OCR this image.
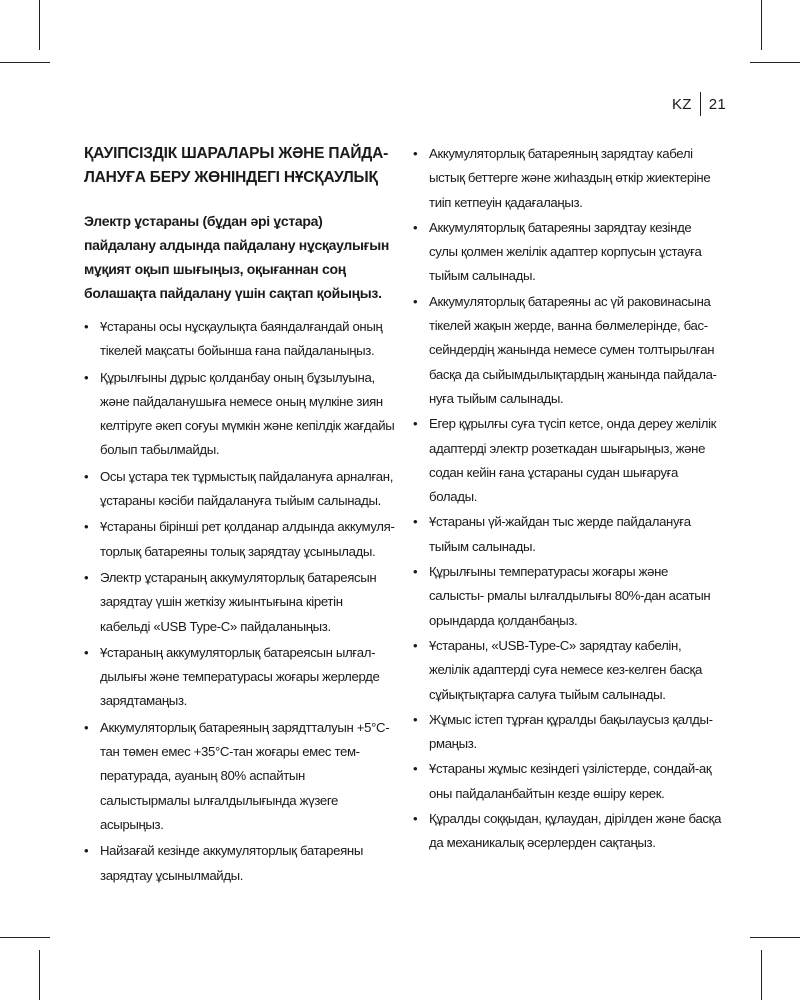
KZ 21
ҚАУІПСІЗДІК ШАРАЛАРЫ ЖӘНЕ ПАЙДА-
ЛАНУҒА БЕРУ ЖӨНІНДЕГІ НҰСҚАУЛЫҚ

Электр ұстараны (бұдан әрі ұстара) пайдалану алдында пайдалану нұсқаулығын мұқият оқып шығыңыз, оқығаннан соң болашақта пайдалану үшін сақтап қойыңыз.

• Ұстараны осы нұсқаулықта баяндалғандай оның тікелей мақсаты бойынша ғана пайдаланыңыз.
• Құрылғыны дұрыс қолданбау оның бұзылуына, және пайдаланушыға немесе оның мүлкіне зиян келтіруге әкеп соғуы мүмкін және кепілдік жағдайы болып табылмайды.
• Осы ұстара тек тұрмыстық пайдалануға арналған, ұстараны кәсіби пайдалануға тыйым салынады.
• Ұстараны бірінші рет қолданар алдында аккумуля- торлық батареяны толық зарядтау ұсынылады.
• Электр ұстараның аккумуляторлық батареясын зарядтау үшін жеткізу жиынтығына кіретін кабельді «USB Type-C» пайдаланыңыз.
• Ұстараның аккумуляторлық батареясын ылғал- дылығы және температурасы жоғары жерлерде зарядтамаңыз.
• Аккумуляторлық батареяның зарядтталуын +5°С-тан төмен емес +35°С-тан жоғары емес тем- пературада, ауаның 80% аспайтын салыстырмалы ылғалдылығында жүзеге асырыңыз.
• Найзағай кезінде аккумуляторлық батареяны зарядтау ұсынылмайды.
• Аккумуляторлық батареяның зарядтау кабелі ыстық беттерге және жиһаздың өткір жиектеріне тиіп кетпеуін қадағалаңыз.
• Аккумуляторлық батареяны зарядтау кезінде сулы қолмен желілік адаптер корпусын ұстауға тыйым салынады.
• Аккумуляторлық батареяны ас үй раковинасына тікелей жақын жерде, ванна бөлмелерінде, бас- сейндердің жанында немесе сумен толтырылған басқа да сыйымдылықтардың жанында пайдала- нуға тыйым салынады.
• Егер құрылғы суға түсіп кетсе, онда дереу желілік адаптерді электр розеткадан шығарыңыз, және содан кейін ғана ұстараны судан шығаруға болады.
• Ұстараны үй-жайдан тыс жерде пайдалануға тыйым салынады.
• Құрылғыны температурасы жоғары және салысты- рмалы ылғалдылығы 80%-дан асатын орындарда қолданбаңыз.
• Ұстараны, «USB-Type-C» зарядтау кабелін, желілік адаптерді суға немесе кез-келген басқа сұйықтықтарға салуға тыйым салынады.
• Жұмыс істеп тұрған құралды бақылаусыз қалды- рмаңыз.
• Ұстараны жұмыс кезіндегі үзілістерде, сондай-ақ оны пайдаланбайтын кезде өшіру керек.
• Құралды соққыдан, құлаудан, дірілден және басқа да механикалық әсерлерден сақтаңыз.
